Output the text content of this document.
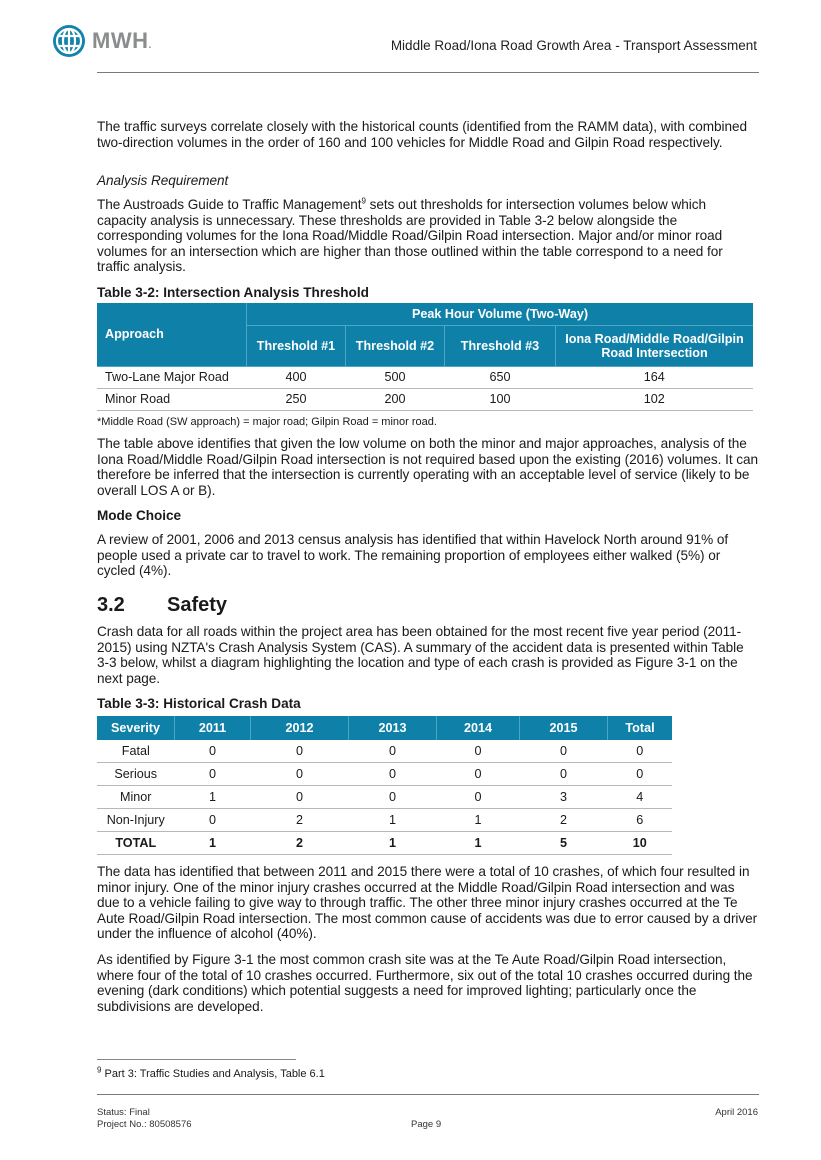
MWH.	Middle Road/Iona Road Growth Area - Transport Assessment

The traffic surveys correlate closely with the historical counts (identified from the RAMM data), with combined two-direction volumes in the order of 160 and 100 vehicles for Middle Road and Gilpin Road respectively.

Analysis Requirement

The Austroads Guide to Traffic Management$^9$ sets out thresholds for intersection volumes below which capacity analysis is unnecessary. These thresholds are provided in Table 3-2 below alongside the corresponding volumes for the Iona Road/Middle Road/Gilpin Road intersection. Major and/or minor road volumes for an intersection which are higher than those outlined within the table correspond to a need for traffic analysis.

Table 3-2: Intersection Analysis Threshold
Approach	Peak Hour Volume (Two-Way)			
	Threshold #1	Threshold #2	Threshold #3	Iona Road/Middle Road/Gilpin Road Intersection
Two-Lane Major Road	400	500	650	164
Minor Road	250	200	100	102
*Middle Road (SW approach) = major road; Gilpin Road = minor road.

The table above identifies that given the low volume on both the minor and major approaches, analysis of the Iona Road/Middle Road/Gilpin Road intersection is not required based upon the existing (2016) volumes. It can therefore be inferred that the intersection is currently operating with an acceptable level of service (likely to be overall LOS A or B).

Mode Choice

A review of 2001, 2006 and 2013 census analysis has identified that within Havelock North around 91% of people used a private car to travel to work. The remaining proportion of employees either walked (5%) or cycled (4%).

3.2 Safety

Crash data for all roads within the project area has been obtained for the most recent five year period (2011-2015) using NZTA's Crash Analysis System (CAS). A summary of the accident data is presented within Table 3-3 below, whilst a diagram highlighting the location and type of each crash is provided as Figure 3-1 on the next page.

Table 3-3: Historical Crash Data
Severity	2011	2012	2013	2014	2015	Total
Fatal	0	0	0	0	0	0
Serious	0	0	0	0	0	0
Minor	1	0	0	0	3	4
Non-Injury	0	2	1	1	2	6
TOTAL	1	2	1	1	5	10

The data has identified that between 2011 and 2015 there were a total of 10 crashes, of which four resulted in minor injury. One of the minor injury crashes occurred at the Middle Road/Gilpin Road intersection and was due to a vehicle failing to give way to through traffic. The other three minor injury crashes occurred at the Te Aute Road/Gilpin Road intersection. The most common cause of accidents was due to error caused by a driver under the influence of alcohol (40%).

As identified by Figure 3-1 the most common crash site was at the Te Aute Road/Gilpin Road intersection, where four of the total of 10 crashes occurred. Furthermore, six out of the total 10 crashes occurred during the evening (dark conditions) which potential suggests a need for improved lighting; particularly once the subdivisions are developed.

$^9$ Part 3: Traffic Studies and Analysis, Table 6.1
Status: Final
Project No.: 80508576	Page 9
April 2016
